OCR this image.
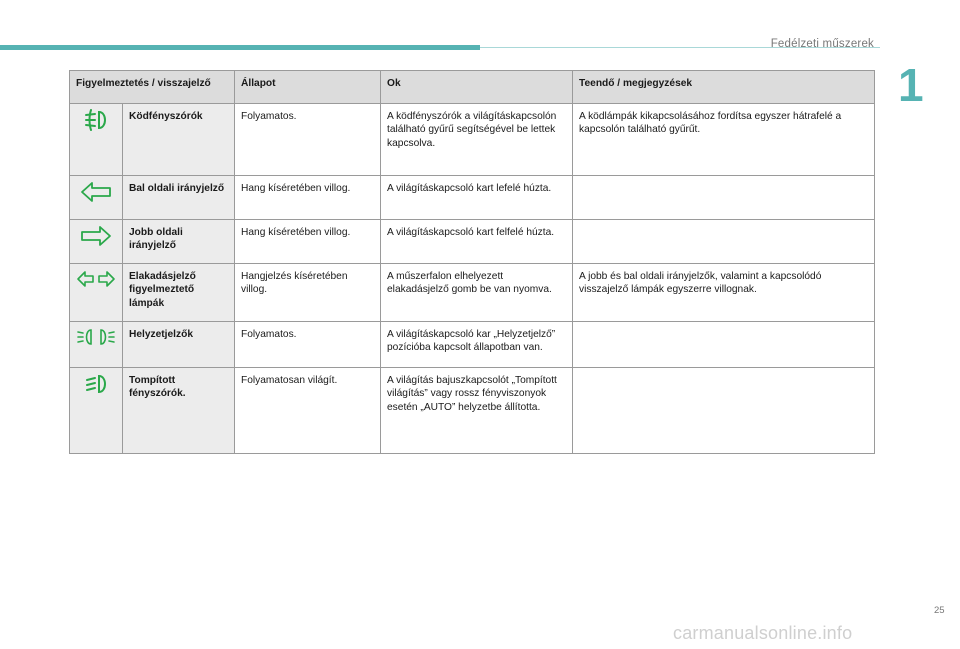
Fedélzeti műszerek
1
Figyelmeztetés / visszajelző		Állapot	Ok	Teendő / megjegyzések

	Ködfényszórók	Folyamatos.	A ködfényszórók a világításkapcsolón található gyűrű segítségével be lettek kapcsolva.	A ködlámpák kikapcsolásához fordítsa egyszer hátrafelé a kapcsolón található gyűrűt.

	Bal oldali irányjelző	Hang kíséretében villog.	A világításkapcsoló kart lefelé húzta.	

	Jobb oldali irányjelző	Hang kíséretében villog.	A világításkapcsoló kart felfelé húzta.	

	Elakadásjelző figyelmeztető lámpák	Hangjelzés kíséretében villog.	A műszerfalon elhelyezett elakadásjelző gomb be van nyomva.	A jobb és bal oldali irányjelzők, valamint a kapcsolódó visszajelző lámpák egyszerre villognak.

	Helyzetjelzők	Folyamatos.	A világításkapcsoló kar „Helyzetjelző” pozícióba kapcsolt állapotban van.	

	Tompított fényszórók.	Folyamatosan világít.	A világítás bajuszkapcsolót „Tompított világítás” vagy rossz fényviszonyok esetén „AUTO” helyzetbe állította.	
25
carmanualsonline.info
